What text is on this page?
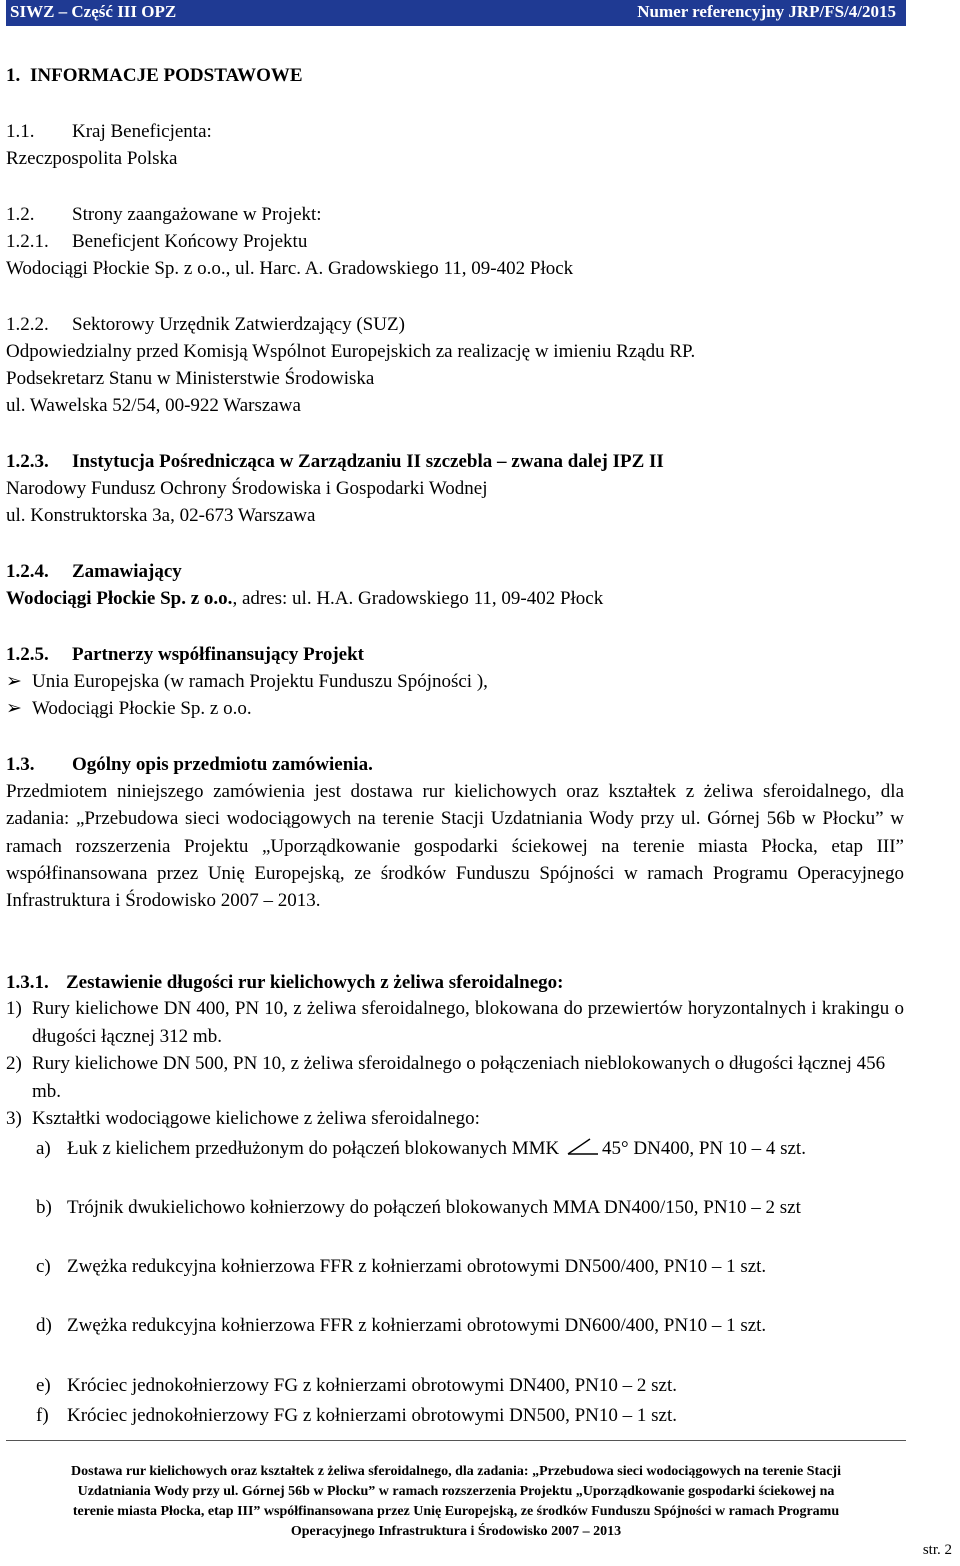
SIWZ – Część III OPZ	Numer referencyjny JRP/FS/4/2015
1. INFORMACJE PODSTAWOWE
1.1. Kraj Beneficjenta:
Rzeczpospolita Polska
1.2. Strony zaangażowane w Projekt:
1.2.1. Beneficjent Końcowy Projektu
Wodociągi Płockie Sp. z o.o., ul. Harc. A. Gradowskiego 11, 09-402 Płock
1.2.2. Sektorowy Urzędnik Zatwierdzający (SUZ)
Odpowiedzialny przed Komisją Wspólnot Europejskich za realizację w imieniu Rządu RP.
Podsekretarz Stanu w Ministerstwie Środowiska
ul. Wawelska 52/54, 00-922 Warszawa
1.2.3. Instytucja Pośrednicząca w Zarządzaniu II szczebla – zwana dalej IPZ II
Narodowy Fundusz Ochrony Środowiska i Gospodarki Wodnej
ul. Konstruktorska 3a, 02-673 Warszawa
1.2.4. Zamawiający
Wodociągi Płockie Sp. z o.o., adres: ul. H.A. Gradowskiego 11, 09-402 Płock
1.2.5. Partnerzy współfinansujący Projekt
➢ Unia Europejska (w ramach Projektu Funduszu Spójności ),
➢ Wodociągi Płockie Sp. z o.o.
1.3. Ogólny opis przedmiotu zamówienia.
Przedmiotem niniejszego zamówienia jest dostawa rur kielichowych oraz kształtek z żeliwa sferoidalnego, dla zadania: „Przebudowa sieci wodociągowych na terenie Stacji Uzdatniania Wody przy ul. Górnej 56b w Płocku” w ramach rozszerzenia Projektu „Uporządkowanie gospodarki ściekowej na terenie miasta Płocka, etap III” współfinansowana przez Unię Europejską, ze środków Funduszu Spójności w ramach Programu Operacyjnego Infrastruktura i Środowisko 2007 – 2013.
1.3.1. Zestawienie długości rur kielichowych z żeliwa sferoidalnego:
1) Rury kielichowe DN 400, PN 10, z żeliwa sferoidalnego, blokowana do przewiertów horyzontalnych i krakingu o długości łącznej 312 mb.
2) Rury kielichowe DN 500, PN 10, z żeliwa sferoidalnego o połączeniach nieblokowanych o długości łącznej 456 mb.
3) Kształtki wodociągowe kielichowe z żeliwa sferoidalnego:
a) Łuk z kielichem przedłużonym do połączeń blokowanych MMK 45° DN400, PN 10 – 4 szt.
b) Trójnik dwukielichowo kołnierzowy do połączeń blokowanych MMA DN400/150, PN10 – 2 szt
c) Zwężka redukcyjna kołnierzowa FFR z kołnierzami obrotowymi DN500/400, PN10 – 1 szt.
d) Zwężka redukcyjna kołnierzowa FFR z kołnierzami obrotowymi DN600/400, PN10 – 1 szt.
e) Króciec jednokołnierzowy FG z kołnierzami obrotowymi DN400, PN10 – 2 szt.
f) Króciec jednokołnierzowy FG z kołnierzami obrotowymi DN500, PN10 – 1 szt.
Dostawa rur kielichowych oraz kształtek z żeliwa sferoidalnego, dla zadania: „Przebudowa sieci wodociągowych na terenie Stacji
Uzdatniania Wody przy ul. Górnej 56b w Płocku” w ramach rozszerzenia Projektu „Uporządkowanie gospodarki ściekowej na
terenie miasta Płocka, etap III” współfinansowana przez Unię Europejską, ze środków Funduszu Spójności w ramach Programu
Operacyjnego Infrastruktura i Środowisko 2007 – 2013
str. 2
